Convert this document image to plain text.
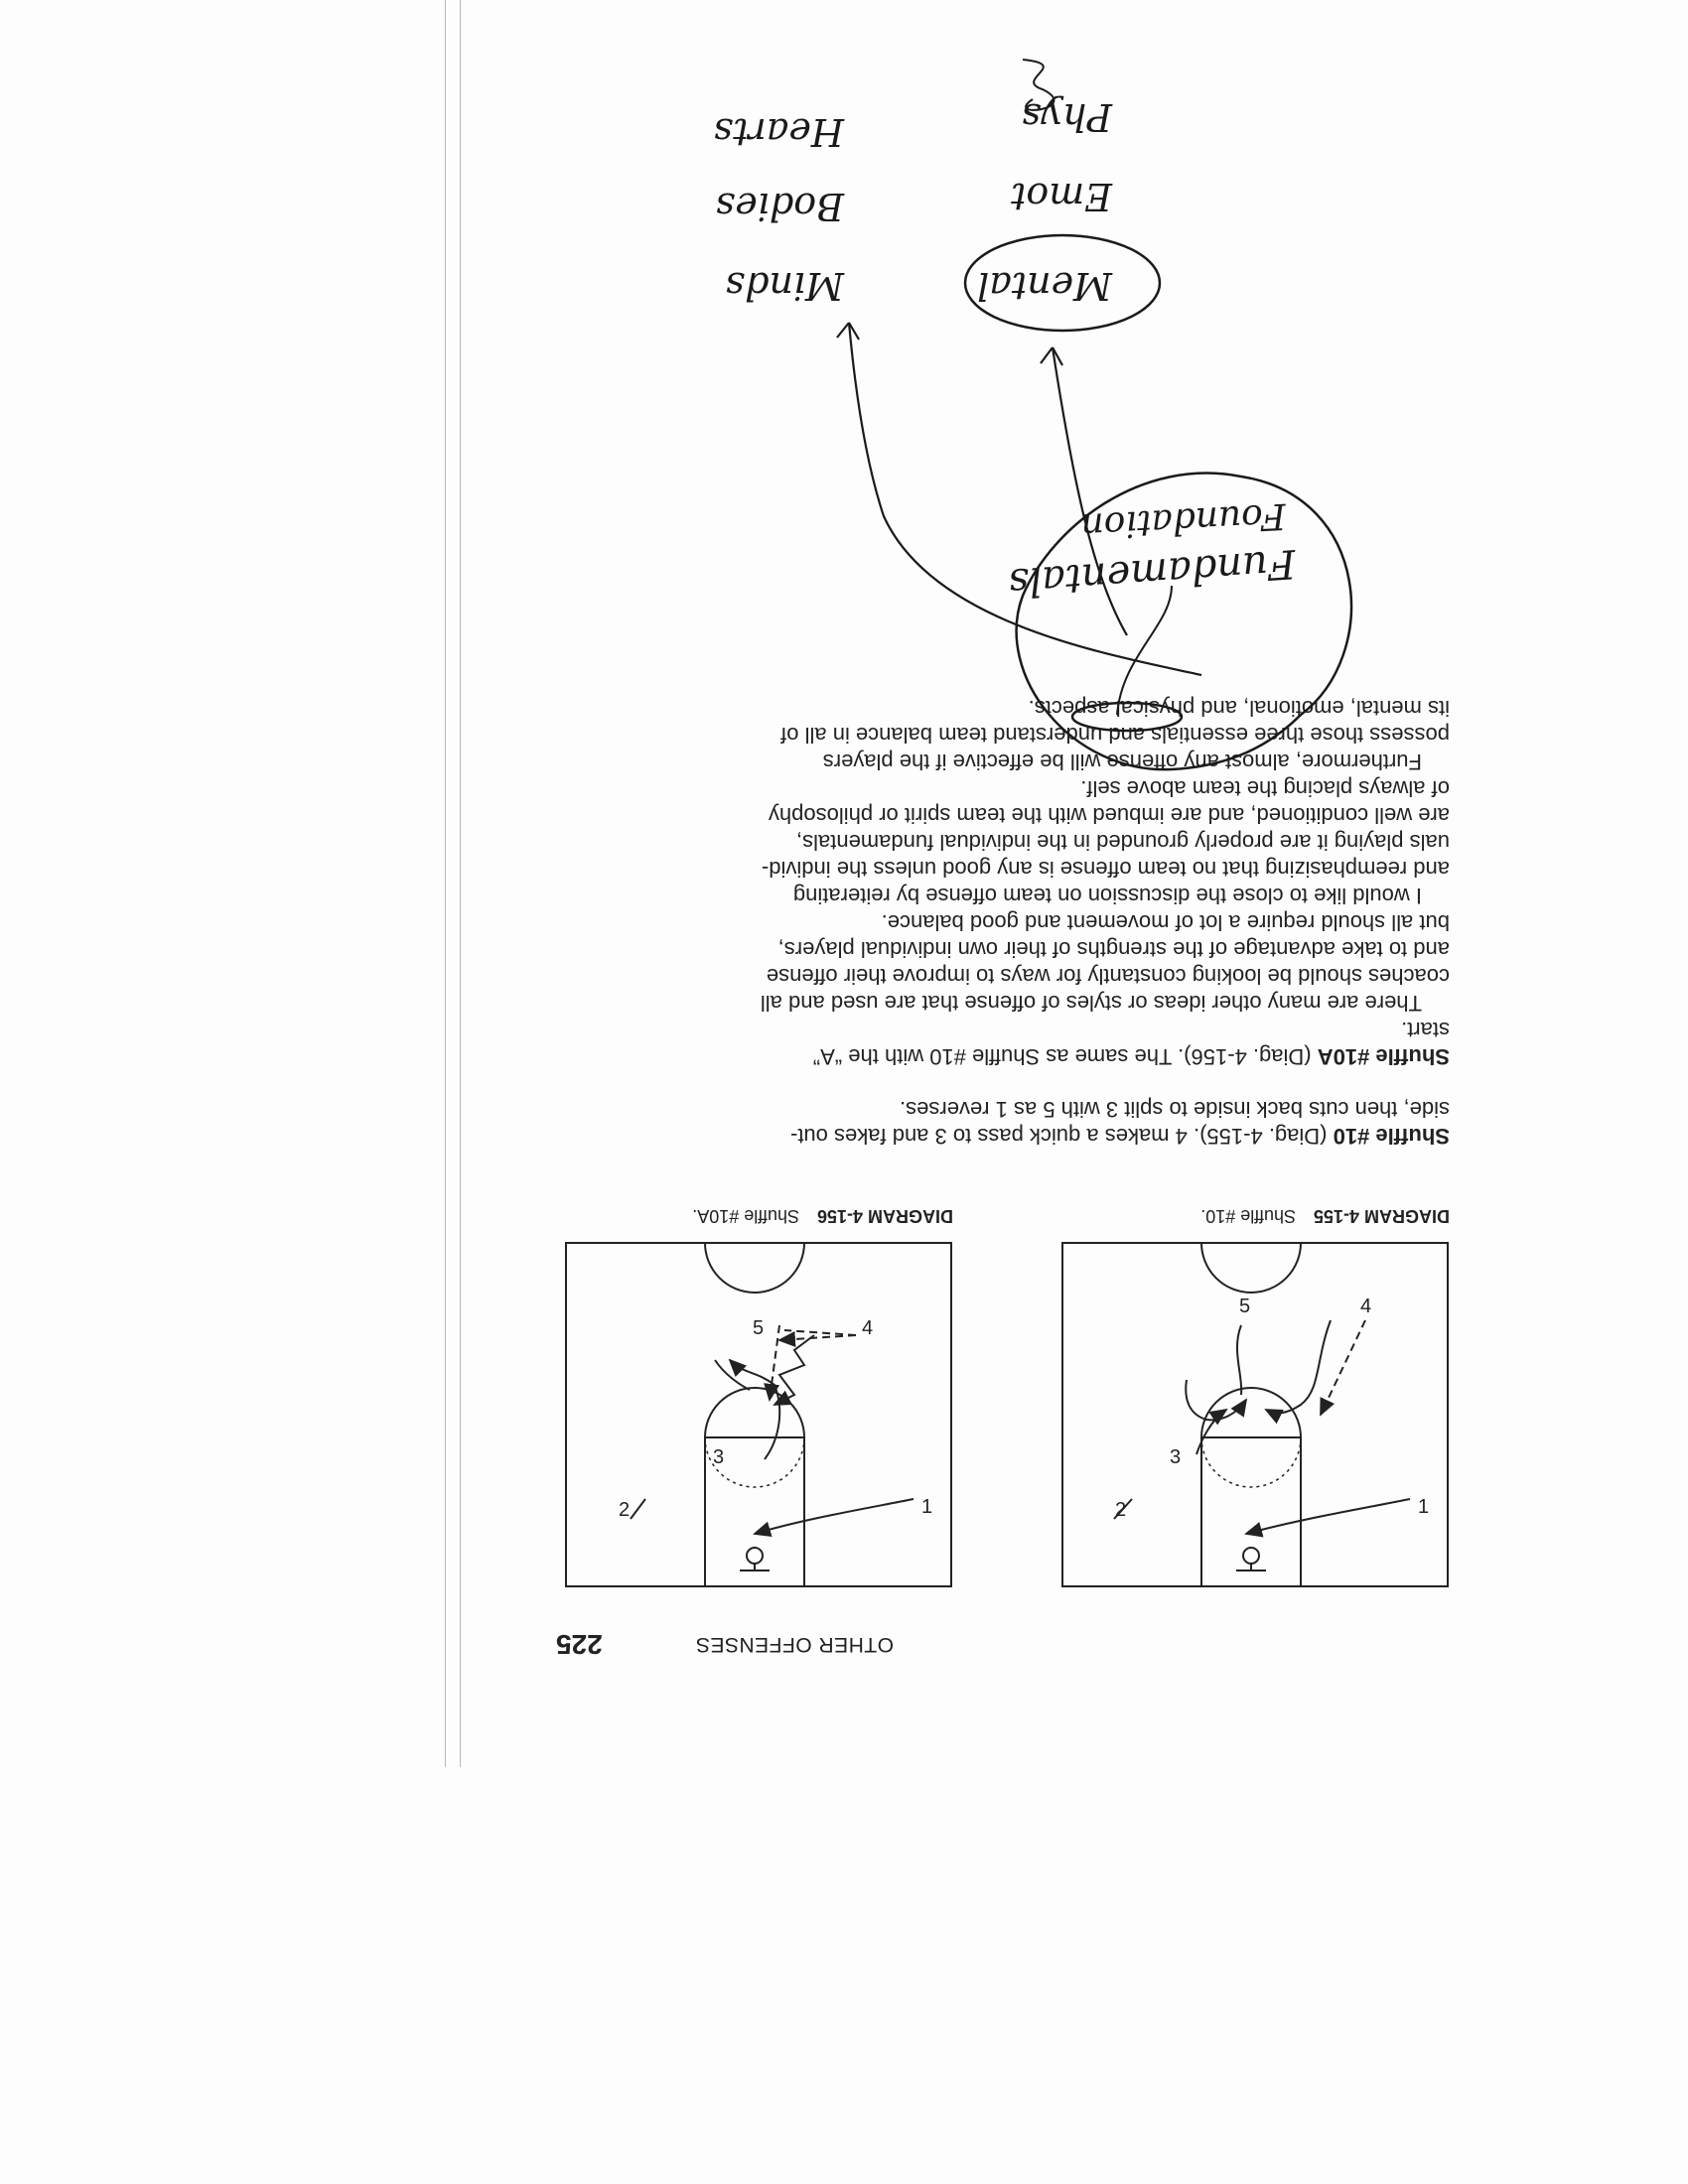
OTHER OFFENSES
225
1
2
3
4
5
DIAGRAM 4-155Shuffle #10.
1
2
3
4
5
DIAGRAM 4-156Shuffle #10A.

Shuffle #10 (Diag. 4-155). 4 makes a quick pass to 3 and fakes out-

side, then cuts back inside to split 3 with 5 as 1 reverses.

Shuffle #10A (Diag. 4-156). The same as Shuffle #10 with the “A”

start.

There are many other ideas or styles of offense that are used and all

coaches should be looking constantly for ways to improve their offense

and to take advantage of the strengths of their own individual players,

but all should require a lot of movement and good balance.

I would like to close the discussion on team offense by reiterating

and reemphasizing that no team offense is any good unless the individ-

uals playing it are properly grounded in the individual fundamentals,

are well conditioned, and are imbued with the team spirit or philosophy

of always placing the team above self.

Furthermore, almost any offense will be effective if the players

possess those three essentials and understand team balance in all of

its mental, emotional, and physical aspects.

Fundamentals
Foundation
Mental
Emot
Phys
Minds
Bodies
Hearts
